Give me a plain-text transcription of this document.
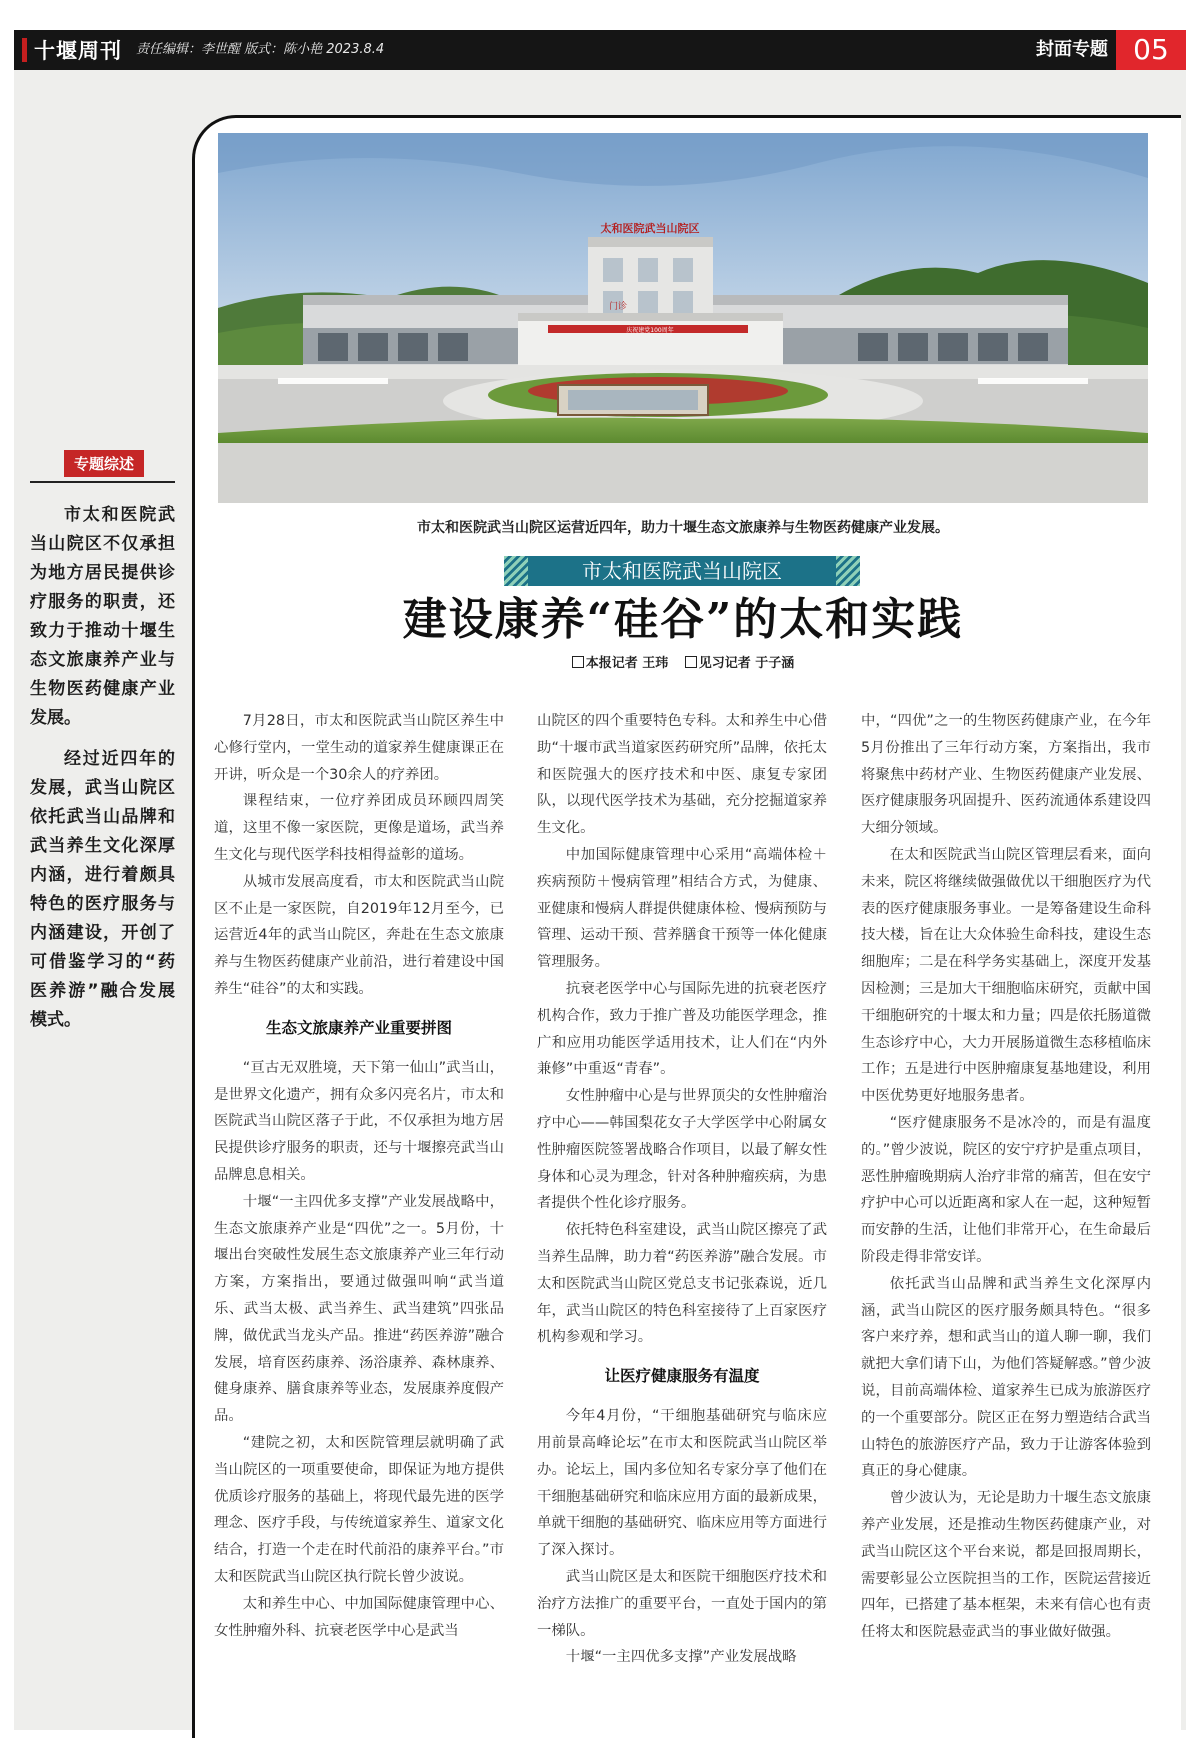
十堰周刊 责任编辑：李世醒 版式：陈小艳 2023.8.4	封面专题 05
专题综述

市太和医院武当山院区不仅承担为地方居民提供诊疗服务的职责，还致力于推动十堰生态文旅康养产业与生物医药健康产业发展。

经过近四年的发展，武当山院区依托武当山品牌和武当养生文化深厚内涵，进行着颇具特色的医疗服务与内涵建设，开创了可借鉴学习的“药医养游”融合发展模式。

太和医院武当山院区
庆祝建党100周年
门诊
市太和医院武当山院区运营近四年，助力十堰生态文旅康养与生物医药健康产业发展。
市太和医院武当山院区
建设康养“硅谷”的太和实践
本报记者 王玮 见习记者 于子涵

7月28日，市太和医院武当山院区养生中心修行堂内，一堂生动的道家养生健康课正在开讲，听众是一个30余人的疗养团。

课程结束，一位疗养团成员环顾四周笑道，这里不像一家医院，更像是道场，武当养生文化与现代医学科技相得益彰的道场。

从城市发展高度看，市太和医院武当山院区不止是一家医院，自2019年12月至今，已运营近4年的武当山院区，奔赴在生态文旅康养与生物医药健康产业前沿，进行着建设中国养生“硅谷”的太和实践。

生态文旅康养产业重要拼图

“亘古无双胜境，天下第一仙山”武当山，是世界文化遗产，拥有众多闪亮名片，市太和医院武当山院区落子于此，不仅承担为地方居民提供诊疗服务的职责，还与十堰擦亮武当山品牌息息相关。

十堰“一主四优多支撑”产业发展战略中，生态文旅康养产业是“四优”之一。5月份，十堰出台突破性发展生态文旅康养产业三年行动方案，方案指出，要通过做强叫响“武当道乐、武当太极、武当养生、武当建筑”四张品牌，做优武当龙头产品。推进“药医养游”融合发展，培育医药康养、汤浴康养、森林康养、健身康养、膳食康养等业态，发展康养度假产品。

“建院之初，太和医院管理层就明确了武当山院区的一项重要使命，即保证为地方提供优质诊疗服务的基础上，将现代最先进的医学理念、医疗手段，与传统道家养生、道家文化结合，打造一个走在时代前沿的康养平台。”市太和医院武当山院区执行院长曾少波说。

太和养生中心、中加国际健康管理中心、女性肿瘤外科、抗衰老医学中心是武当

山院区的四个重要特色专科。太和养生中心借助“十堰市武当道家医药研究所”品牌，依托太和医院强大的医疗技术和中医、康复专家团队，以现代医学技术为基础，充分挖掘道家养生文化。

中加国际健康管理中心采用“高端体检＋疾病预防＋慢病管理”相结合方式，为健康、亚健康和慢病人群提供健康体检、慢病预防与管理、运动干预、营养膳食干预等一体化健康管理服务。

抗衰老医学中心与国际先进的抗衰老医疗机构合作，致力于推广普及功能医学理念，推广和应用功能医学适用技术，让人们在“内外兼修”中重返“青春”。

女性肿瘤中心是与世界顶尖的女性肿瘤治疗中心——韩国梨花女子大学医学中心附属女性肿瘤医院签署战略合作项目，以最了解女性身体和心灵为理念，针对各种肿瘤疾病，为患者提供个性化诊疗服务。

依托特色科室建设，武当山院区擦亮了武当养生品牌，助力着“药医养游”融合发展。市太和医院武当山院区党总支书记张森说，近几年，武当山院区的特色科室接待了上百家医疗机构参观和学习。

让医疗健康服务有温度

今年4月份，“干细胞基础研究与临床应用前景高峰论坛”在市太和医院武当山院区举办。论坛上，国内多位知名专家分享了他们在干细胞基础研究和临床应用方面的最新成果，单就干细胞的基础研究、临床应用等方面进行了深入探讨。

武当山院区是太和医院干细胞医疗技术和治疗方法推广的重要平台，一直处于国内的第一梯队。

十堰“一主四优多支撑”产业发展战略

中，“四优”之一的生物医药健康产业，在今年5月份推出了三年行动方案，方案指出，我市将聚焦中药材产业、生物医药健康产业发展、医疗健康服务巩固提升、医药流通体系建设四大细分领域。

在太和医院武当山院区管理层看来，面向未来，院区将继续做强做优以干细胞医疗为代表的医疗健康服务事业。一是筹备建设生命科技大楼，旨在让大众体验生命科技，建设生态细胞库；二是在科学务实基础上，深度开发基因检测；三是加大干细胞临床研究，贡献中国干细胞研究的十堰太和力量；四是依托肠道微生态诊疗中心，大力开展肠道微生态移植临床工作；五是进行中医肿瘤康复基地建设，利用中医优势更好地服务患者。

“医疗健康服务不是冰冷的，而是有温度的。”曾少波说，院区的安宁疗护是重点项目，恶性肿瘤晚期病人治疗非常的痛苦，但在安宁疗护中心可以近距离和家人在一起，这种短暂而安静的生活，让他们非常开心，在生命最后阶段走得非常安详。

依托武当山品牌和武当养生文化深厚内涵，武当山院区的医疗服务颇具特色。“很多客户来疗养，想和武当山的道人聊一聊，我们就把大拿们请下山，为他们答疑解惑。”曾少波说，目前高端体检、道家养生已成为旅游医疗的一个重要部分。院区正在努力塑造结合武当山特色的旅游医疗产品，致力于让游客体验到真正的身心健康。

曾少波认为，无论是助力十堰生态文旅康养产业发展，还是推动生物医药健康产业，对武当山院区这个平台来说，都是回报周期长，需要彰显公立医院担当的工作，医院运营接近四年，已搭建了基本框架，未来有信心也有责任将太和医院悬壶武当的事业做好做强。
